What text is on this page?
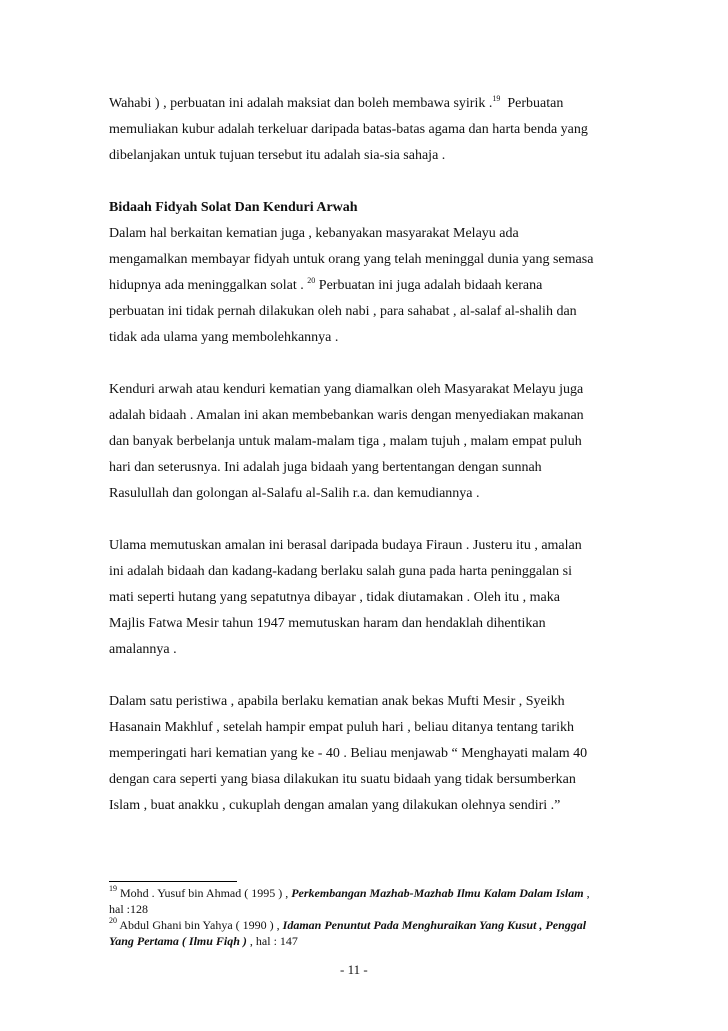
Wahabi ) , perbuatan ini adalah maksiat dan boleh membawa syirik .$^{19}$ Perbuatan
memuliakan kubur adalah terkeluar daripada batas-batas agama dan harta benda yang
dibelanjakan untuk tujuan tersebut itu adalah sia-sia sahaja .
Bidaah Fidyah Solat Dan Kenduri Arwah
Dalam hal berkaitan kematian juga , kebanyakan masyarakat Melayu ada
mengamalkan membayar fidyah untuk orang yang telah meninggal dunia yang semasa
hidupnya ada meninggalkan solat . $^{20}$ Perbuatan ini juga adalah bidaah kerana
perbuatan ini tidak pernah dilakukan oleh nabi , para sahabat , al-salaf al-shalih dan
tidak ada ulama yang membolehkannya .
Kenduri arwah atau kenduri kematian yang diamalkan oleh Masyarakat Melayu juga
adalah bidaah . Amalan ini akan membebankan waris dengan menyediakan makanan
dan banyak berbelanja untuk malam-malam tiga , malam tujuh , malam empat puluh
hari dan seterusnya. Ini adalah juga bidaah yang bertentangan dengan sunnah
Rasulullah dan golongan al-Salafu al-Salih r.a. dan kemudiannya .
Ulama memutuskan amalan ini berasal daripada budaya Firaun . Justeru itu , amalan
ini adalah bidaah dan kadang-kadang berlaku salah guna pada harta peninggalan si
mati seperti hutang yang sepatutnya dibayar , tidak diutamakan . Oleh itu , maka
Majlis Fatwa Mesir tahun 1947 memutuskan haram dan hendaklah dihentikan
amalannya .
Dalam satu peristiwa , apabila berlaku kematian anak bekas Mufti Mesir , Syeikh
Hasanain Makhluf , setelah hampir empat puluh hari , beliau ditanya tentang tarikh
memperingati hari kematian yang ke - 40 . Beliau menjawab “ Menghayati malam 40
dengan cara seperti yang biasa dilakukan itu suatu bidaah yang tidak bersumberkan
Islam , buat anakku , cukuplah dengan amalan yang dilakukan olehnya sendiri .”
$^{19}$ Mohd . Yusuf bin Ahmad ( 1995 ) , Perkembangan Mazhab-Mazhab Ilmu Kalam Dalam Islam ,
hal :128
$^{20}$ Abdul Ghani bin Yahya ( 1990 ) , Idaman Penuntut Pada Menghuraikan Yang Kusut , Penggal
Yang Pertama ( Ilmu Fiqh ) , hal : 147
- 11 -
